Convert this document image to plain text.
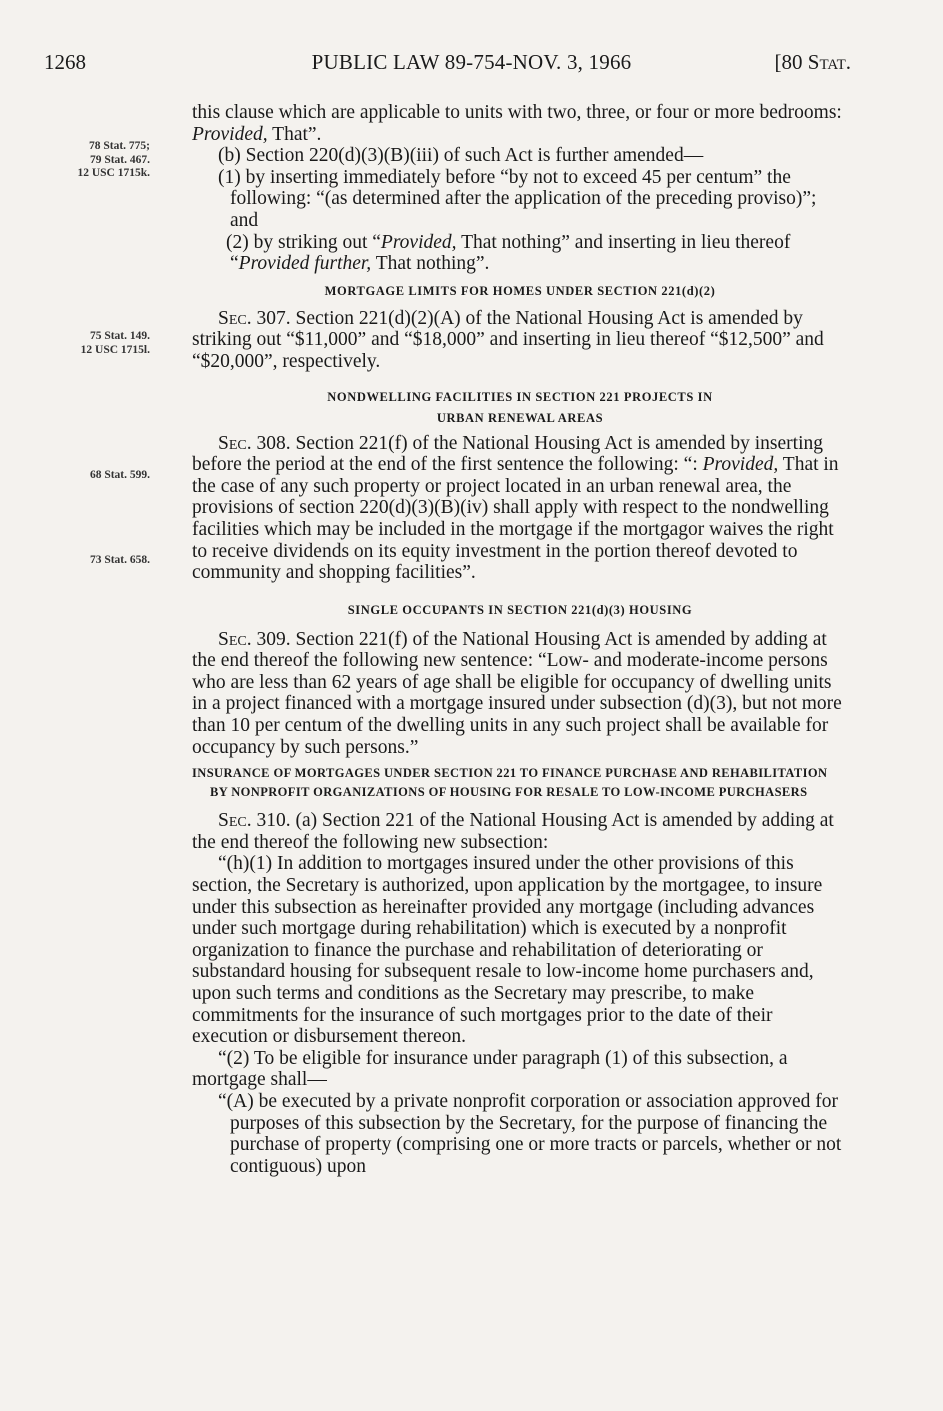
1268	PUBLIC LAW 89-754-NOV. 3, 1966	[80 Stat.
78 Stat. 775;
79 Stat. 467.
12 USC 1715k.
75 Stat. 149.
12 USC 1715l.
68 Stat. 599.
73 Stat. 658.

this clause which are applicable to units with two, three, or four or more bedrooms: Provided, That”.

(b) Section 220(d)(3)(B)(iii) of such Act is further amended—

(1) by inserting immediately before “by not to exceed 45 per centum” the following: “(as determined after the application of the preceding proviso)”; and

(2) by striking out “Provided, That nothing” and inserting in lieu thereof “Provided further, That nothing”.

MORTGAGE LIMITS FOR HOMES UNDER SECTION 221(d)(2)

Sec. 307. Section 221(d)(2)(A) of the National Housing Act is amended by striking out “$11,000” and “$18,000” and inserting in lieu thereof “$12,500” and “$20,000”, respectively.

NONDWELLING FACILITIES IN SECTION 221 PROJECTS IN
URBAN RENEWAL AREAS

Sec. 308. Section 221(f) of the National Housing Act is amended by inserting before the period at the end of the first sentence the following: “: Provided, That in the case of any such property or project located in an urban renewal area, the provisions of section 220(d)(3)(B)(iv) shall apply with respect to the nondwelling facilities which may be included in the mortgage if the mortgagor waives the right to receive dividends on its equity investment in the portion thereof devoted to community and shopping facilities”.

SINGLE OCCUPANTS IN SECTION 221(d)(3) HOUSING

Sec. 309. Section 221(f) of the National Housing Act is amended by adding at the end thereof the following new sentence: “Low- and moderate-income persons who are less than 62 years of age shall be eligible for occupancy of dwelling units in a project financed with a mortgage insured under subsection (d)(3), but not more than 10 per centum of the dwelling units in any such project shall be available for occupancy by such persons.”

INSURANCE OF MORTGAGES UNDER SECTION 221 TO FINANCE PURCHASE AND REHABILITATION BY NONPROFIT ORGANIZATIONS OF HOUSING FOR RESALE TO LOW-INCOME PURCHASERS

Sec. 310. (a) Section 221 of the National Housing Act is amended by adding at the end thereof the following new subsection:

“(h)(1) In addition to mortgages insured under the other provisions of this section, the Secretary is authorized, upon application by the mortgagee, to insure under this subsection as hereinafter provided any mortgage (including advances under such mortgage during rehabilitation) which is executed by a nonprofit organization to finance the purchase and rehabilitation of deteriorating or substandard housing for subsequent resale to low-income home purchasers and, upon such terms and conditions as the Secretary may prescribe, to make commitments for the insurance of such mortgages prior to the date of their execution or disbursement thereon.

“(2) To be eligible for insurance under paragraph (1) of this subsection, a mortgage shall—

“(A) be executed by a private nonprofit corporation or association approved for purposes of this subsection by the Secretary, for the purpose of financing the purchase of property (comprising one or more tracts or parcels, whether or not contiguous) upon
